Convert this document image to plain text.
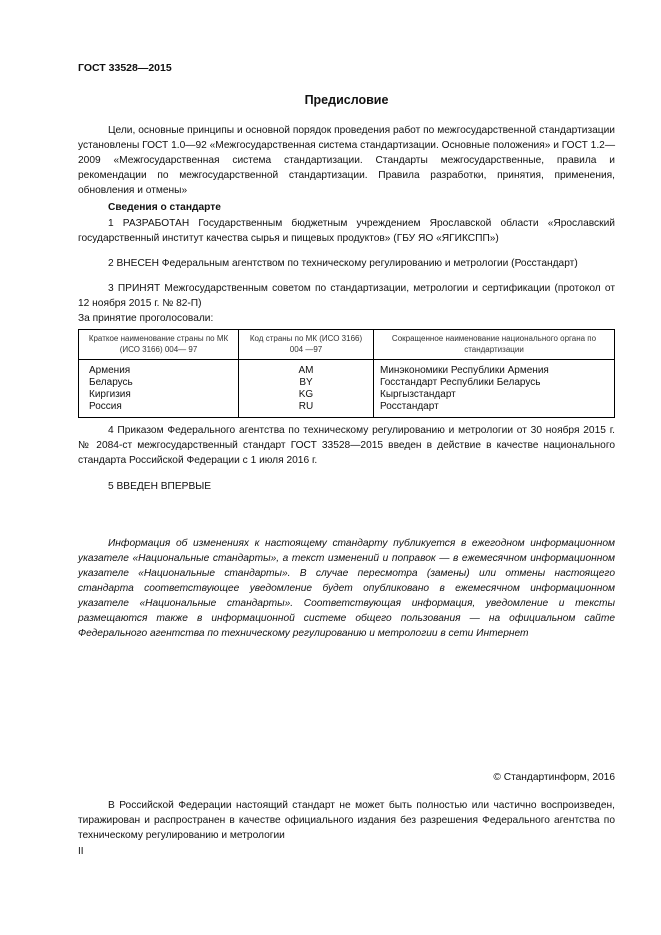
ГОСТ 33528—2015
Предисловие
Цели, основные принципы и основной порядок проведения работ по межгосударственной стандартизации установлены ГОСТ 1.0—92 «Межгосударственная система стандартизации. Основные положения» и ГОСТ 1.2—2009 «Межгосударственная система стандартизации. Стандарты межгосударственные, правила и рекомендации по межгосударственной стандартизации. Правила разработки, принятия, применения, обновления и отмены»
Сведения о стандарте
1 РАЗРАБОТАН Государственным бюджетным учреждением Ярославской области «Ярославский государственный институт качества сырья и пищевых продуктов» (ГБУ ЯО «ЯГИКСПП»)
2 ВНЕСЕН Федеральным агентством по техническому регулированию и метрологии (Росстандарт)
3 ПРИНЯТ Межгосударственным советом по стандартизации, метрологии и сертификации (протокол от 12 ноября 2015 г. № 82-П)
За принятие проголосовали:
Краткое наименование страны по МК (ИСО 3166) 004— 97	Код страны по МК (ИСО 3166) 004 —97	Сокращенное наименование национального органа по стандартизации
Армения	AM	Минэкономики Республики Армения
Беларусь	BY	Госстандарт Республики Беларусь
Киргизия	KG	Кыргызстандарт
Россия	RU	Росстандарт
4 Приказом Федерального агентства по техническому регулированию и метрологии от 30 ноября 2015 г. № 2084-ст межгосударственный стандарт ГОСТ 33528—2015 введен в действие в качестве национального стандарта Российской Федерации с 1 июля 2016 г.
5 ВВЕДЕН ВПЕРВЫЕ
Информация об изменениях к настоящему стандарту публикуется в ежегодном информационном указателе «Национальные стандарты», а текст изменений и поправок — в ежемесячном информационном указателе «Национальные стандарты». В случае пересмотра (замены) или отмены настоящего стандарта соответствующее уведомление будет опубликовано в ежемесячном информационном указателе «Национальные стандарты». Соответствующая информация, уведомление и тексты размещаются также в информационной системе общего пользования — на официальном сайте Федерального агентства по техническому регулированию и метрологии в сети Интернет
© Стандартинформ, 2016
В Российской Федерации настоящий стандарт не может быть полностью или частично воспроизведен, тиражирован и распространен в качестве официального издания без разрешения Федерального агентства по техническому регулированию и метрологии
II
